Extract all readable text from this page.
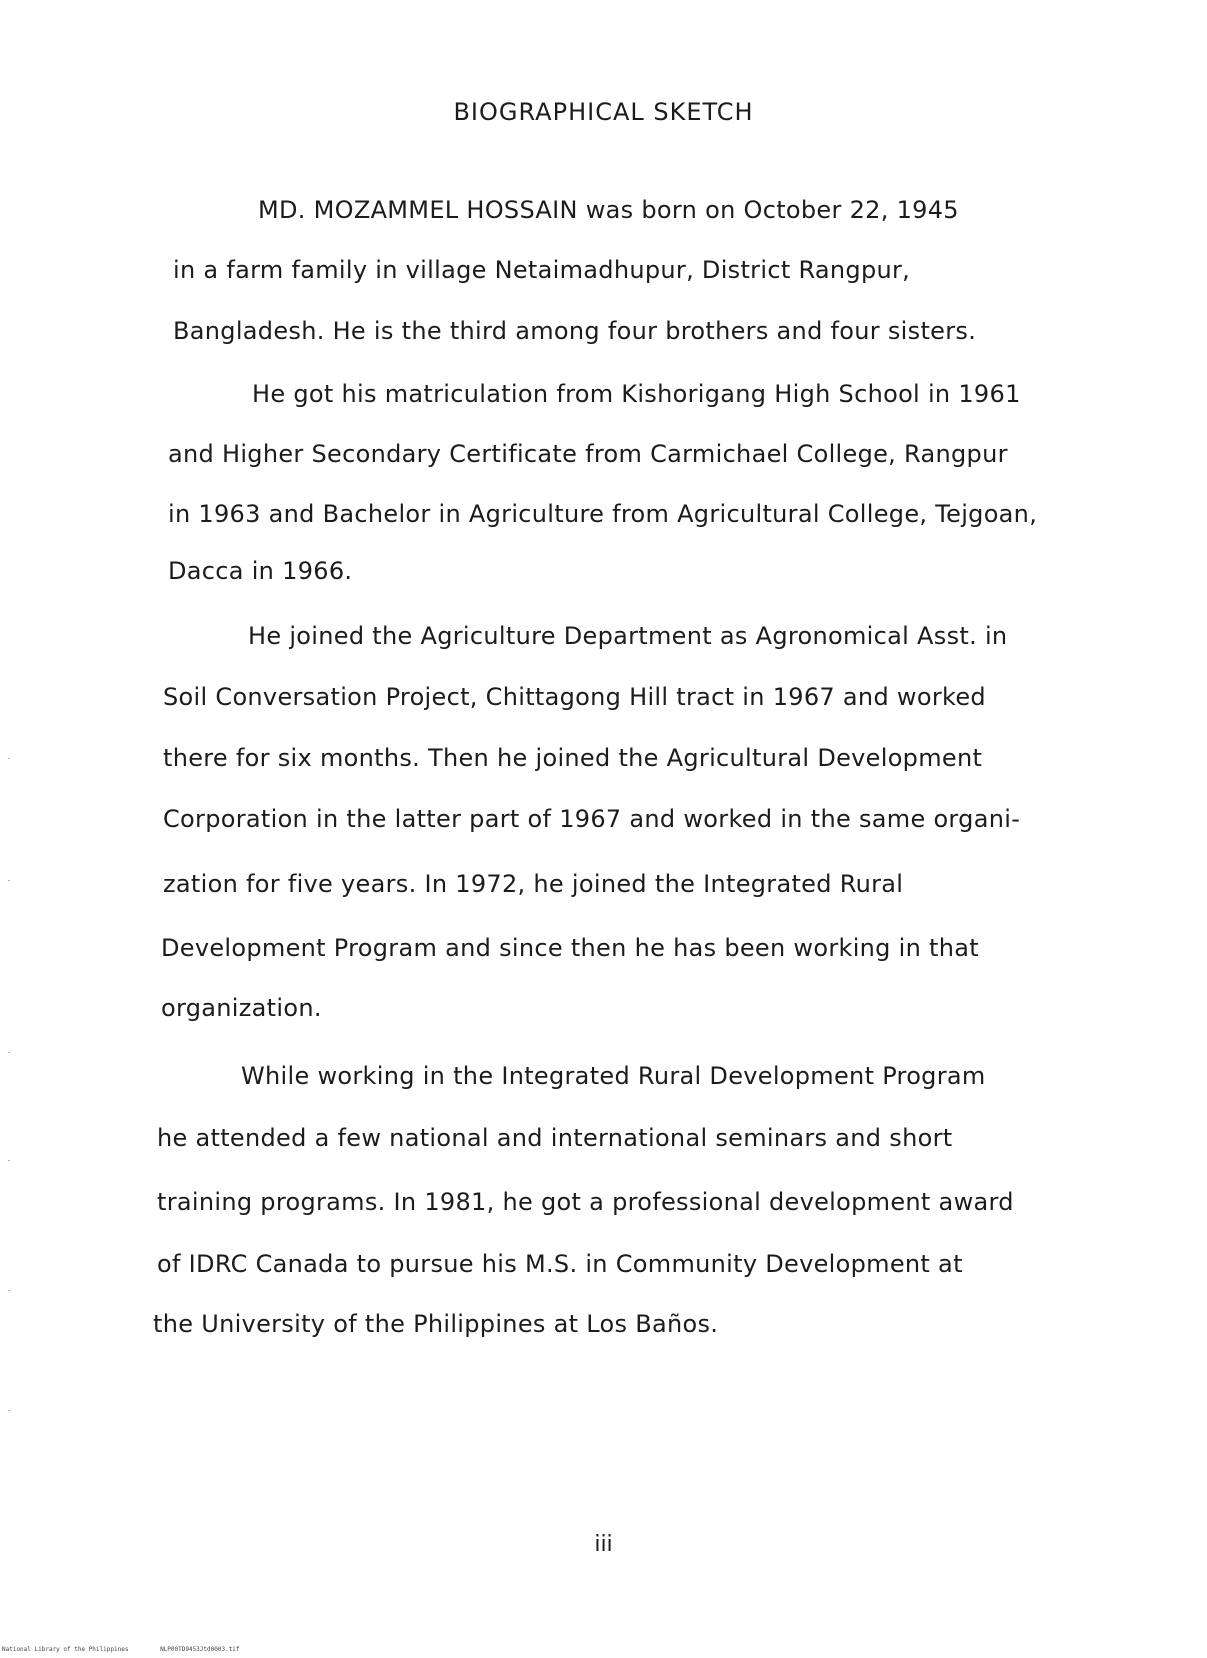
BIOGRAPHICAL SKETCH
MD. MOZAMMEL HOSSAIN was born on October 22, 1945
in a farm family in village Netaimadhupur, District Rangpur,
Bangladesh. He is the third among four brothers and four sisters.
He got his matriculation from Kishorigang High School in 1961
and Higher Secondary Certificate from Carmichael College, Rangpur
in 1963 and Bachelor in Agriculture from Agricultural College, Tejgoan,
Dacca in 1966.
He joined the Agriculture Department as Agronomical Asst. in
Soil Conversation Project, Chittagong Hill tract in 1967 and worked
there for six months. Then he joined the Agricultural Development
Corporation in the latter part of 1967 and worked in the same organi-
zation for five years. In 1972, he joined the Integrated Rural
Development Program and since then he has been working in that
organization.
While working in the Integrated Rural Development Program
he attended a few national and international seminars and short
training programs. In 1981, he got a professional development award
of IDRC Canada to pursue his M.S. in Community Development at
the University of the Philippines at Los Baños.
iii
National Library of the Philippines	NLP00TD9453Jtd0003.tif
